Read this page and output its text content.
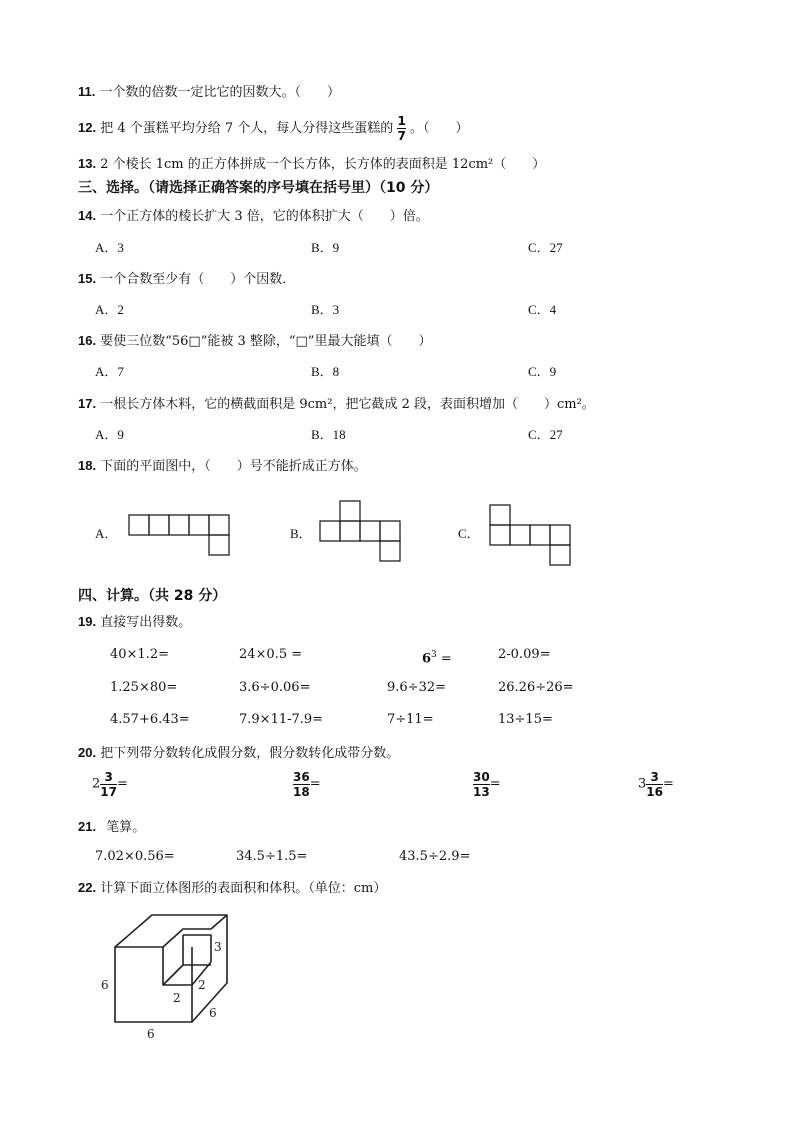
11. 一个数的倍数一定比它的因数大。（　　）
12. 把 4 个蛋糕平均分给 7 个人，每人分得这些蛋糕的 $\frac{1}{7}$ 。（　　）
13. 2 个棱长 1cm 的正方体拼成一个长方体，长方体的表面积是 12cm²（　　）
三、选择。（请选择正确答案的序号填在括号里）（10 分）
14. 一个正方体的棱长扩大 3 倍，它的体积扩大（　　）倍。
A．3	B．9	C．27
15. 一个合数至少有（　　）个因数．
A．2	B．3	C．4
16. 要使三位数“56□”能被 3 整除，“□”里最大能填（　　）
A．7	B．8	C．9
17. 一根长方体木料，它的横截面积是 9cm²，把它截成 2 段，表面积增加（　　）cm²。
A．9	B．18	C．27
18. 下面的平面图中，（　　）号不能折成正方体。
A．	B．	C．
四、计算。（共 28 分）
19. 直接写出得数。
40×1.2=	24×0.5 =	$6^3$ =	2-0.09=
1.25×80=	3.6÷0.06=	9.6÷32=	26.26÷26=
4.57+6.43=	7.9×11-7.9=	7÷11=	13÷15=
20. 把下列带分数转化成假分数，假分数转化成带分数。
$2 \frac{3}{17}$ =	$\frac{36}{18}$ =	$\frac{30}{13}$ =	$3 \frac{3}{16}$ =
21. 笔算。
7.02×0.56=	34.5÷1.5=	43.5÷2.9=
22. 计算下面立体图形的表面积和体积。（单位：cm）
6
3
2
2
6
6
